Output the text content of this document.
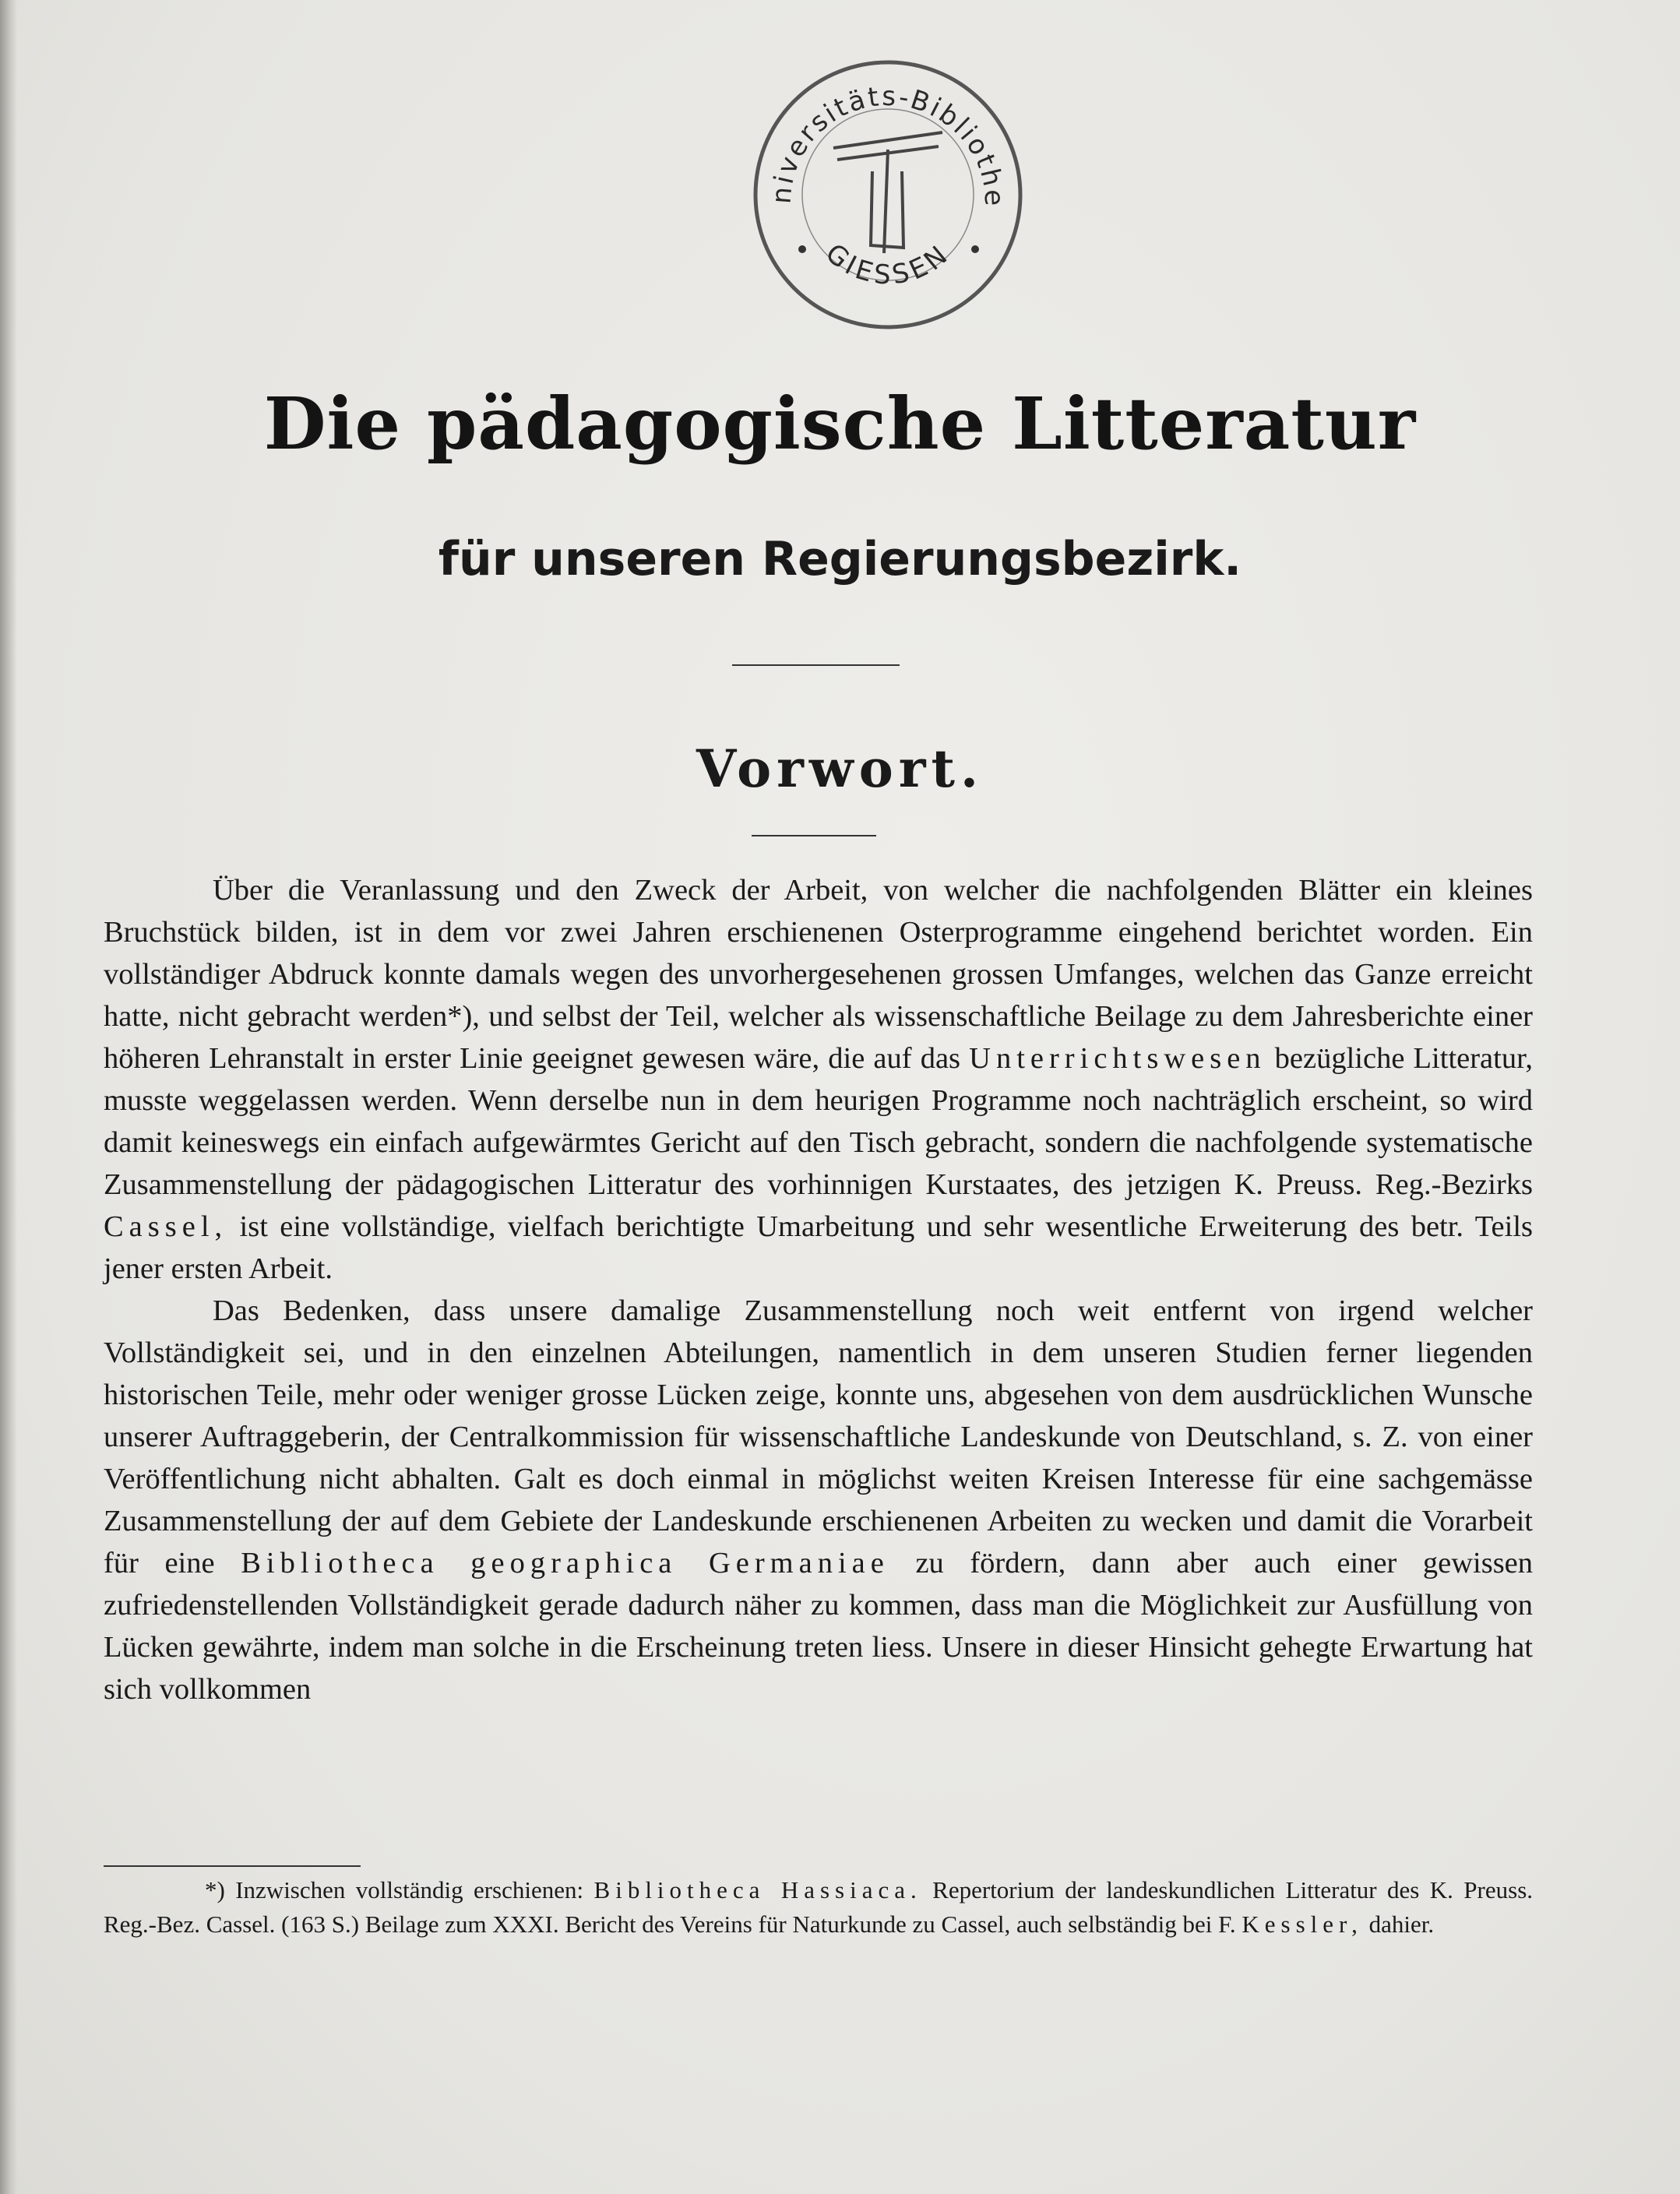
niversitäts-Bibliothe
GIESSEN
Die pädagogische Litteratur
für unseren Regierungsbezirk.
Vorwort.

Über die Veranlassung und den Zweck der Arbeit, von welcher die nachfolgenden Blätter ein kleines Bruchstück bilden, ist in dem vor zwei Jahren erschienenen Osterprogramme eingehend berichtet worden. Ein vollständiger Abdruck konnte damals wegen des unvorhergesehenen grossen Umfanges, welchen das Ganze erreicht hatte, nicht gebracht werden*), und selbst der Teil, welcher als wissenschaftliche Beilage zu dem Jahresberichte einer höheren Lehranstalt in erster Linie geeignet gewesen wäre, die auf das Unterrichtswesen bezügliche Litteratur, musste weggelassen werden. Wenn derselbe nun in dem heurigen Programme noch nachträglich erscheint, so wird damit keineswegs ein einfach aufgewärmtes Gericht auf den Tisch gebracht, sondern die nachfolgende systematische Zusammenstellung der pädagogischen Litteratur des vorhinnigen Kurstaates, des jetzigen K. Preuss. Reg.-Bezirks Cassel, ist eine vollständige, vielfach berichtigte Umarbeitung und sehr wesentliche Erweiterung des betr. Teils jener ersten Arbeit.

Das Bedenken, dass unsere damalige Zusammenstellung noch weit entfernt von irgend welcher Vollständigkeit sei, und in den einzelnen Abteilungen, namentlich in dem unseren Studien ferner liegenden historischen Teile, mehr oder weniger grosse Lücken zeige, konnte uns, abgesehen von dem ausdrücklichen Wunsche unserer Auftraggeberin, der Centralkommission für wissenschaftliche Landeskunde von Deutschland, s. Z. von einer Veröffentlichung nicht abhalten. Galt es doch einmal in möglichst weiten Kreisen Interesse für eine sachgemässe Zusammenstellung der auf dem Gebiete der Landeskunde erschienenen Arbeiten zu wecken und damit die Vorarbeit für eine Bibliotheca geographica Germaniae zu fördern, dann aber auch einer gewissen zufriedenstellenden Vollständigkeit gerade dadurch näher zu kommen, dass man die Möglichkeit zur Ausfüllung von Lücken gewährte, indem man solche in die Erscheinung treten liess. Unsere in dieser Hinsicht gehegte Erwartung hat sich vollkommen

*) Inzwischen vollständig erschienen: Bibliotheca Hassiaca. Repertorium der landeskundlichen Litteratur des K. Preuss. Reg.-Bez. Cassel. (163 S.) Beilage zum XXXI. Bericht des Vereins für Naturkunde zu Cassel, auch selbständig bei F. Kessler, dahier.
